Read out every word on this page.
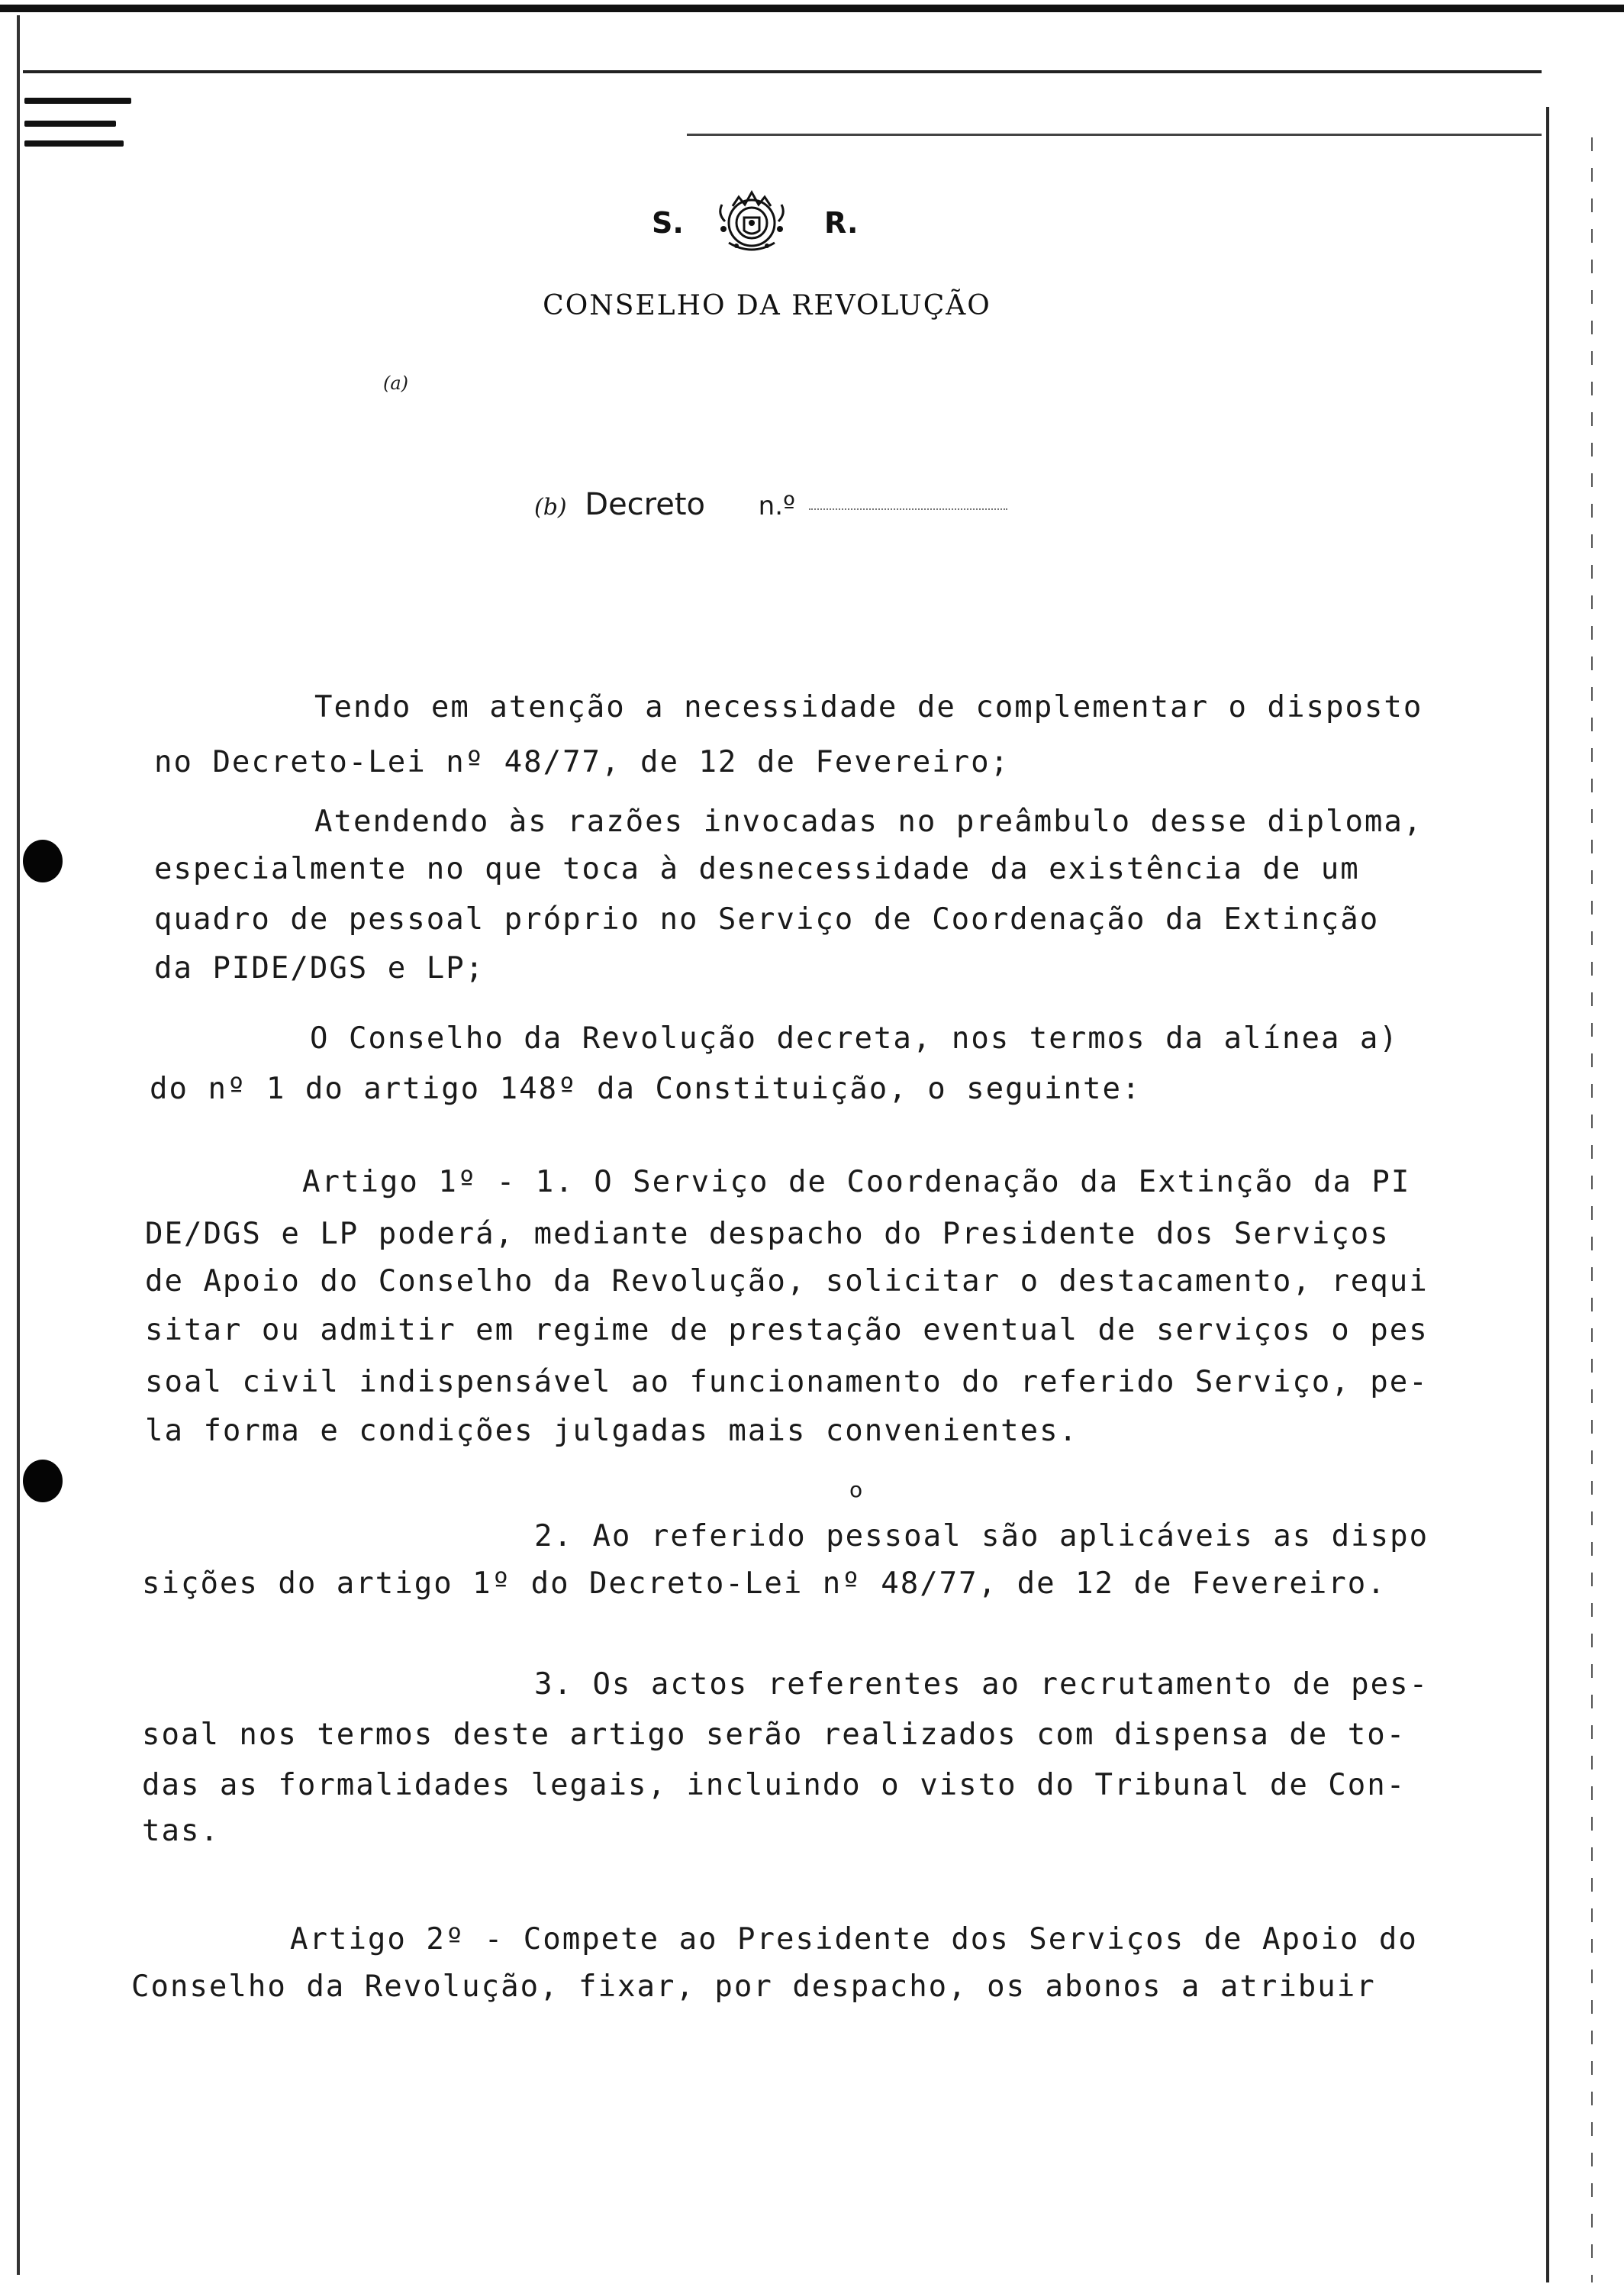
S.	R.
CONSELHO DA REVOLUÇÃO
(a)
(b) Decreto n.º
Tendo em atenção a necessidade de complementar o disposto
no Decreto-Lei nº 48/77, de 12 de Fevereiro;
Atendendo às razões invocadas no preâmbulo desse diploma,
especialmente no que toca à desnecessidade da existência de um
quadro de pessoal próprio no Serviço de Coordenação da Extinção
da PIDE/DGS e LP;
O Conselho da Revolução decreta, nos termos da alínea a)
do nº 1 do artigo 148º da Constituição, o seguinte:
Artigo 1º - 1. O Serviço de Coordenação da Extinção da PI
DE/DGS e LP poderá, mediante despacho do Presidente dos Serviços
de Apoio do Conselho da Revolução, solicitar o destacamento, requi
sitar ou admitir em regime de prestação eventual de serviços o pes
soal civil indispensável ao funcionamento do referido Serviço, pe-
la forma e condições julgadas mais convenientes.
o
2. Ao referido pessoal são aplicáveis as dispo
sições do artigo 1º do Decreto-Lei nº 48/77, de 12 de Fevereiro.
3. Os actos referentes ao recrutamento de pes-
soal nos termos deste artigo serão realizados com dispensa de to-
das as formalidades legais, incluindo o visto do Tribunal de Con-
tas.
Artigo 2º - Compete ao Presidente dos Serviços de Apoio do
Conselho da Revolução, fixar, por despacho, os abonos a atribuir
